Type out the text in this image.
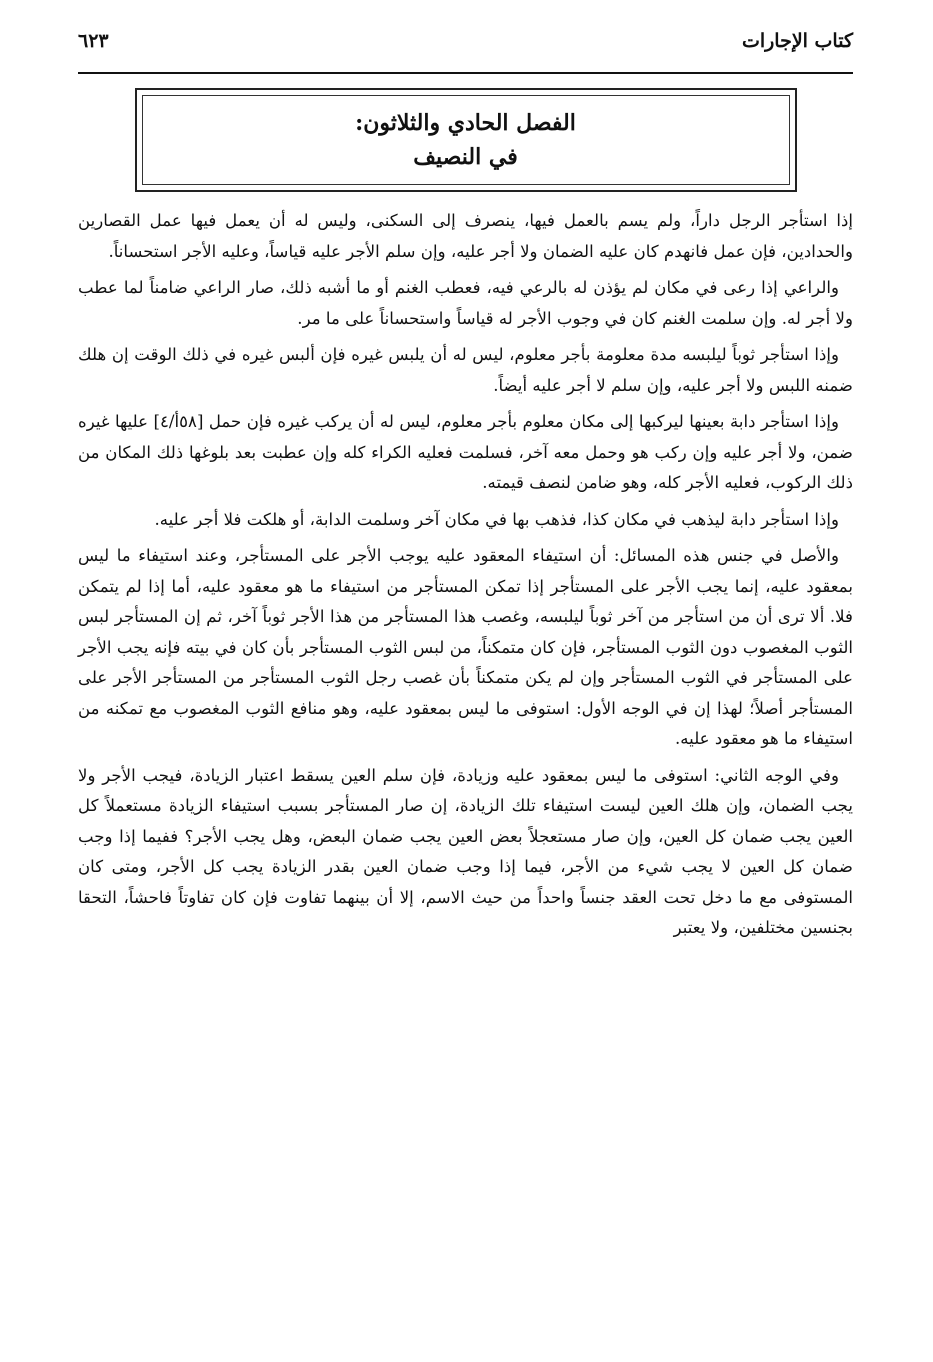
كتاب الإجارات
٦٢٣
الفصل الحادي والثلاثون:
في النصيف

إذا استأجر الرجل داراً، ولم يسم بالعمل فيها، ينصرف إلى السكنى، وليس له أن يعمل فيها عمل القصارين والحدادين، فإن عمل فانهدم كان عليه الضمان ولا أجر عليه، وإن سلم الأجر عليه قياساً، وعليه الأجر استحساناً.

والراعي إذا رعى في مكان لم يؤذن له بالرعي فيه، فعطب الغنم أو ما أشبه ذلك، صار الراعي ضامناً لما عطب ولا أجر له. وإن سلمت الغنم كان في وجوب الأجر له قياساً واستحساناً على ما مر.

وإذا استأجر ثوباً ليلبسه مدة معلومة بأجر معلوم، ليس له أن يلبس غيره فإن ألبس غيره في ذلك الوقت إن هلك ضمنه اللبس ولا أجر عليه، وإن سلم لا أجر عليه أيضاً.

وإذا استأجر دابة بعينها ليركبها إلى مكان معلوم بأجر معلوم، ليس له أن يركب غيره فإن حمل [٥٨أ/٤] عليها غيره ضمن، ولا أجر عليه وإن ركب هو وحمل معه آخر، فسلمت فعليه الكراء كله وإن عطبت بعد بلوغها ذلك المكان من ذلك الركوب، فعليه الأجر كله، وهو ضامن لنصف قيمته.

وإذا استأجر دابة ليذهب في مكان كذا، فذهب بها في مكان آخر وسلمت الدابة، أو هلكت فلا أجر عليه.

والأصل في جنس هذه المسائل: أن استيفاء المعقود عليه يوجب الأجر على المستأجر، وعند استيفاء ما ليس بمعقود عليه، إنما يجب الأجر على المستأجر إذا تمكن المستأجر من استيفاء ما هو معقود عليه، أما إذا لم يتمكن فلا. ألا ترى أن من استأجر من آخر ثوباً ليلبسه، وغصب هذا المستأجر من هذا الأجر ثوباً آخر، ثم إن المستأجر لبس الثوب المغصوب دون الثوب المستأجر، فإن كان متمكناً، من لبس الثوب المستأجر بأن كان في بيته فإنه يجب الأجر على المستأجر في الثوب المستأجر وإن لم يكن متمكناً بأن غصب رجل الثوب المستأجر من المستأجر الأجر على المستأجر أصلاً؛ لهذا إن في الوجه الأول: استوفى ما ليس بمعقود عليه، وهو منافع الثوب المغصوب مع تمكنه من استيفاء ما هو معقود عليه.

وفي الوجه الثاني: استوفى ما ليس بمعقود عليه وزيادة، فإن سلم العين يسقط اعتبار الزيادة، فيجب الأجر ولا يجب الضمان، وإن هلك العين ليست استيفاء تلك الزيادة، إن صار المستأجر بسبب استيفاء الزيادة مستعملاً كل العين يجب ضمان كل العين، وإن صار مستعجلاً بعض العين يجب ضمان البعض، وهل يجب الأجر؟ ففيما إذا وجب ضمان كل العين لا يجب شيء من الأجر، فيما إذا وجب ضمان العين بقدر الزيادة يجب كل الأجر، ومتى كان المستوفى مع ما دخل تحت العقد جنساً واحداً من حيث الاسم، إلا أن بينهما تفاوت فإن كان تفاوتاً فاحشاً، التحقا بجنسين مختلفين، ولا يعتبر
